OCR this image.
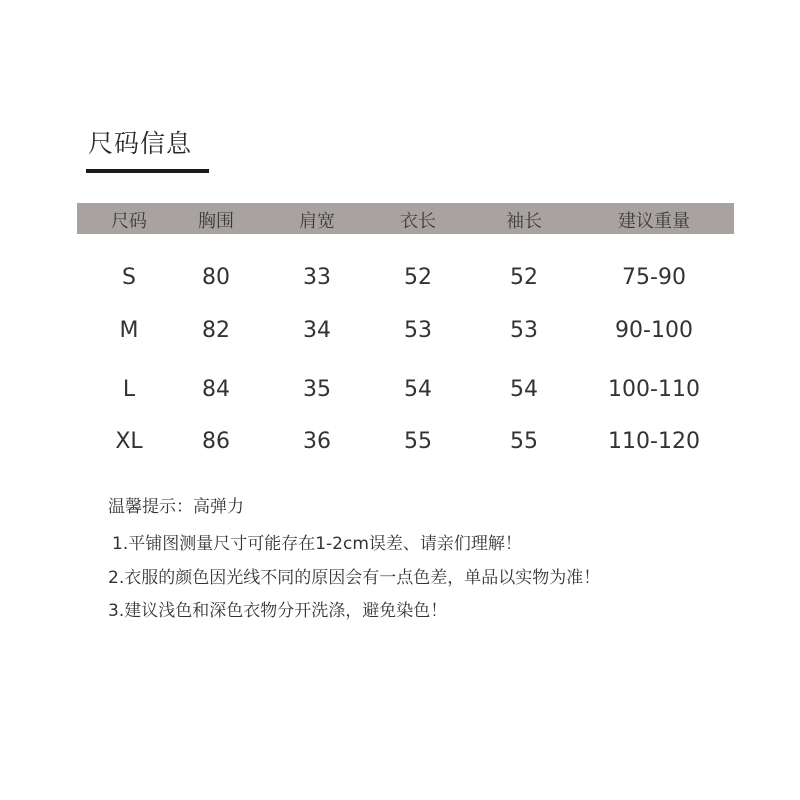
尺码信息
尺码	胸围	肩宽	衣长	袖长	建议重量
S	80	33	52	52	75-90
M	82	34	53	53	90-100
L	84	35	54	54	100-110
XL	86	36	55	55	110-120
温馨提示：高弹力
1.平铺图测量尺寸可能存在1-2cm误差、请亲们理解！
2.衣服的颜色因光线不同的原因会有一点色差，单品以实物为准！
3.建议浅色和深色衣物分开洗涤，避免染色！
